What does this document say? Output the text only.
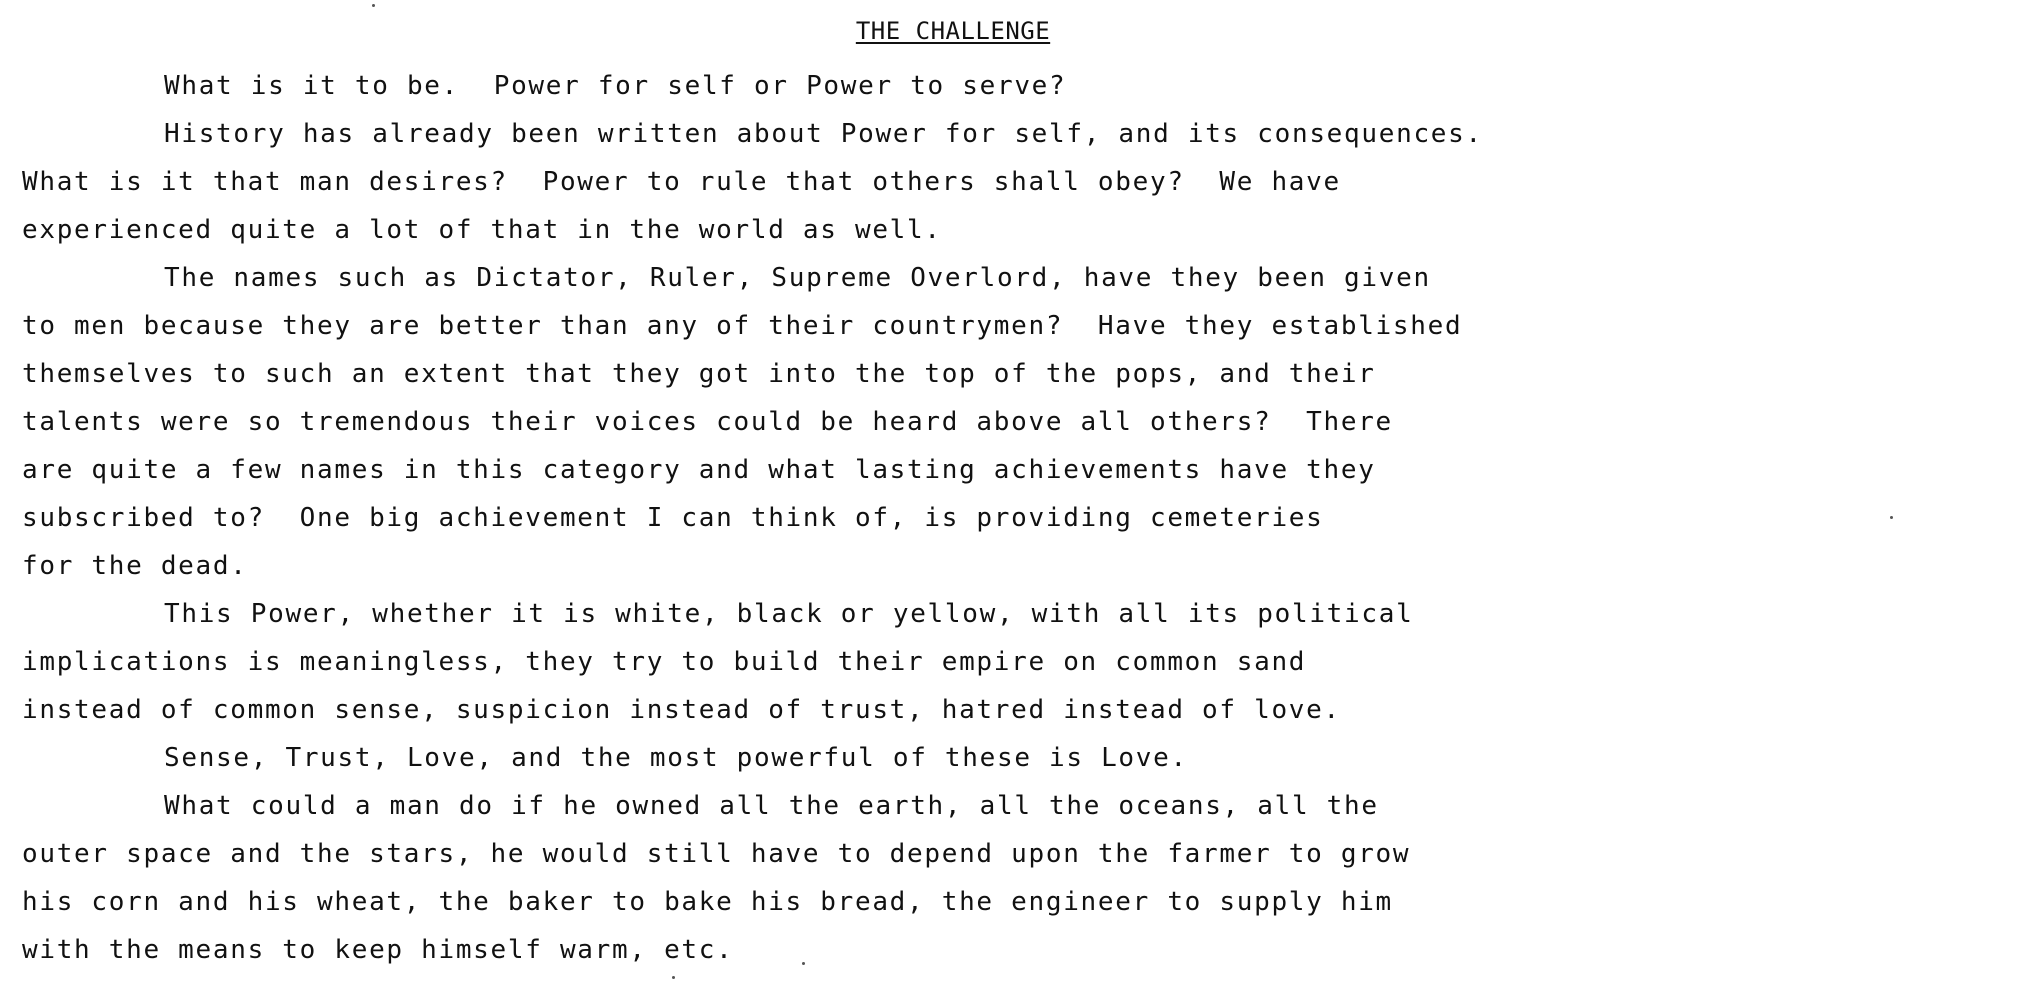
THE CHALLENGE
What is it to be.  Power for self or Power to serve?
History has already been written about Power for self, and its consequences.
What is it that man desires?  Power to rule that others shall obey?  We have
experienced quite a lot of that in the world as well.
The names such as Dictator, Ruler, Supreme Overlord, have they been given
to men because they are better than any of their countrymen?  Have they established
themselves to such an extent that they got into the top of the pops, and their
talents were so tremendous their voices could be heard above all others?  There
are quite a few names in this category and what lasting achievements have they
subscribed to?  One big achievement I can think of, is providing cemeteries
for the dead.
This Power, whether it is white, black or yellow, with all its political
implications is meaningless, they try to build their empire on common sand
instead of common sense, suspicion instead of trust, hatred instead of love.
Sense, Trust, Love, and the most powerful of these is Love.
What could a man do if he owned all the earth, all the oceans, all the
outer space and the stars, he would still have to depend upon the farmer to grow
his corn and his wheat, the baker to bake his bread, the engineer to supply him
with the means to keep himself warm, etc.
